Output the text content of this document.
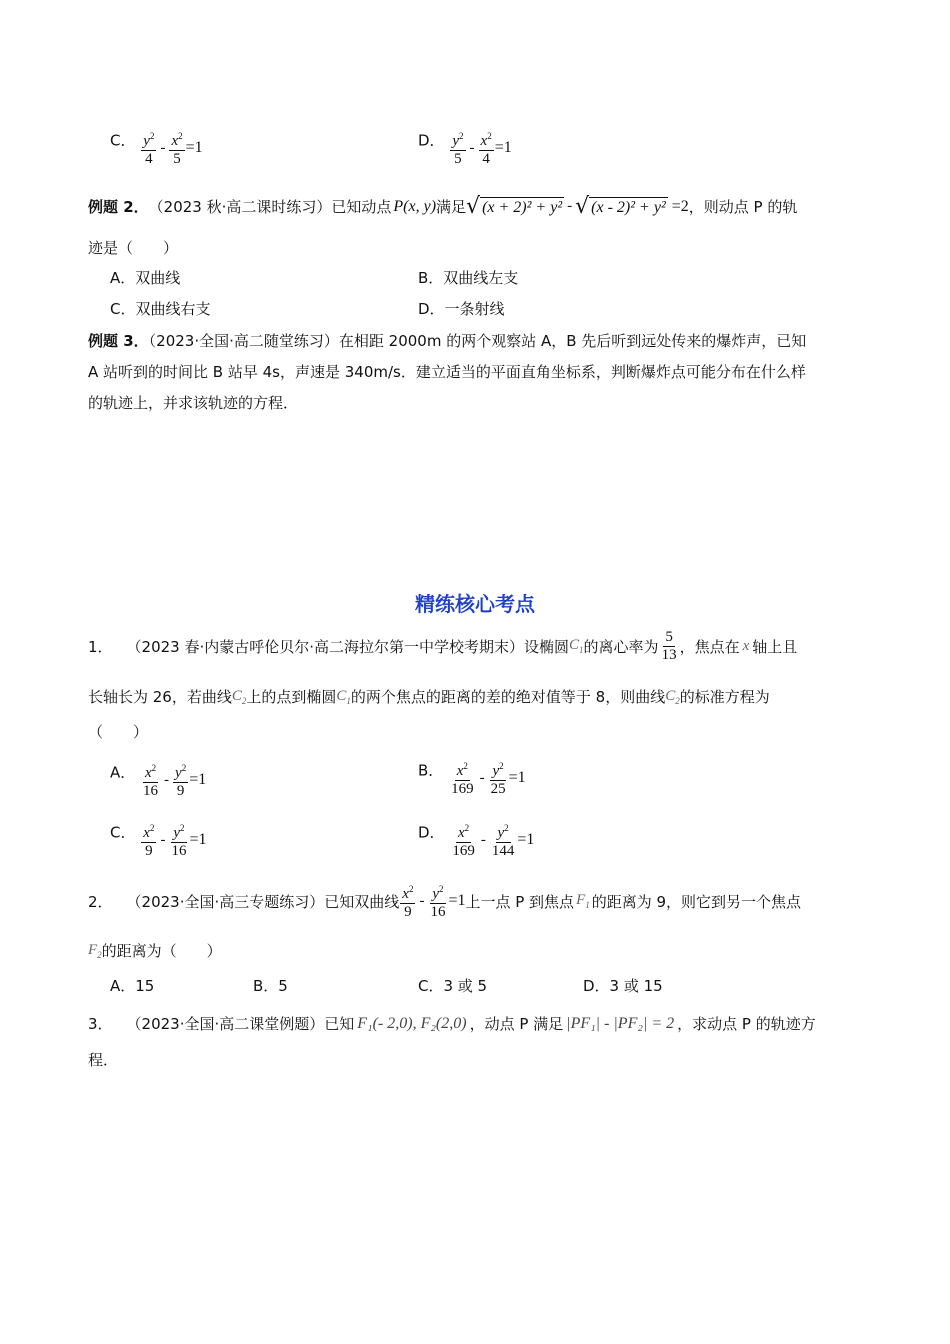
C． $\frac{y^2}{4} - \frac{x^2}{5} =1$	D． $\frac{y^2}{5} - \frac{x^2}{4} =1$
例题 2． （2023 秋·高二课时练习）已知动点 P (x, y) 满足 √ (x + 2)² + y² - √ (x - 2)² + y² =2 ，则动点 P 的轨
迹是（　　）
A．双曲线	B．双曲线左支
C．双曲线右支	D．一条射线
例题 3．（2023·全国·高二随堂练习）在相距 2000m 的两个观察站 A，B 先后听到远处传来的爆炸声，已知
A 站听到的时间比 B 站早 4s，声速是 340m/s．建立适当的平面直角坐标系，判断爆炸点可能分布在什么样
的轨迹上，并求该轨迹的方程．
精练核心考点
1． （2023 春·内蒙古呼伦贝尔·高二海拉尔第一中学校考期末）设椭圆 $C_1$ 的离心率为 $\frac{5}{13}$ ，焦点在 x 轴上且
长轴长为 26，若曲线 $C_2$ 上的点到椭圆 $C_1$ 的两个焦点的距离的差的绝对值等于 8，则曲线 $C_2$ 的标准方程为
（　　）
A． $\frac{x^2}{16} - \frac{y^2}{9} =1$	B． $\frac{x^2}{169} - \frac{y^2}{25} =1$
C． $\frac{x^2}{9} - \frac{y^2}{16} =1$	D． $\frac{x^2}{169} - \frac{y^2}{144} =1$
2． （2023·全国·高三专题练习）已知双曲线 $\frac{x^2}{9} - \frac{y^2}{16} =1$ 上一点 P 到焦点 $F_1$ 的距离为 9，则它到另一个焦点
$F_2$ 的距离为（　　）
A．15	B．5	C．3 或 5	D．3 或 15
3． （2023·全国·高二课堂例题）已知 F₁(- 2,0), F₂(2,0) ，动点 P 满足 |PF₁| - |PF₂| = 2 ，求动点 P 的轨迹方
程．
